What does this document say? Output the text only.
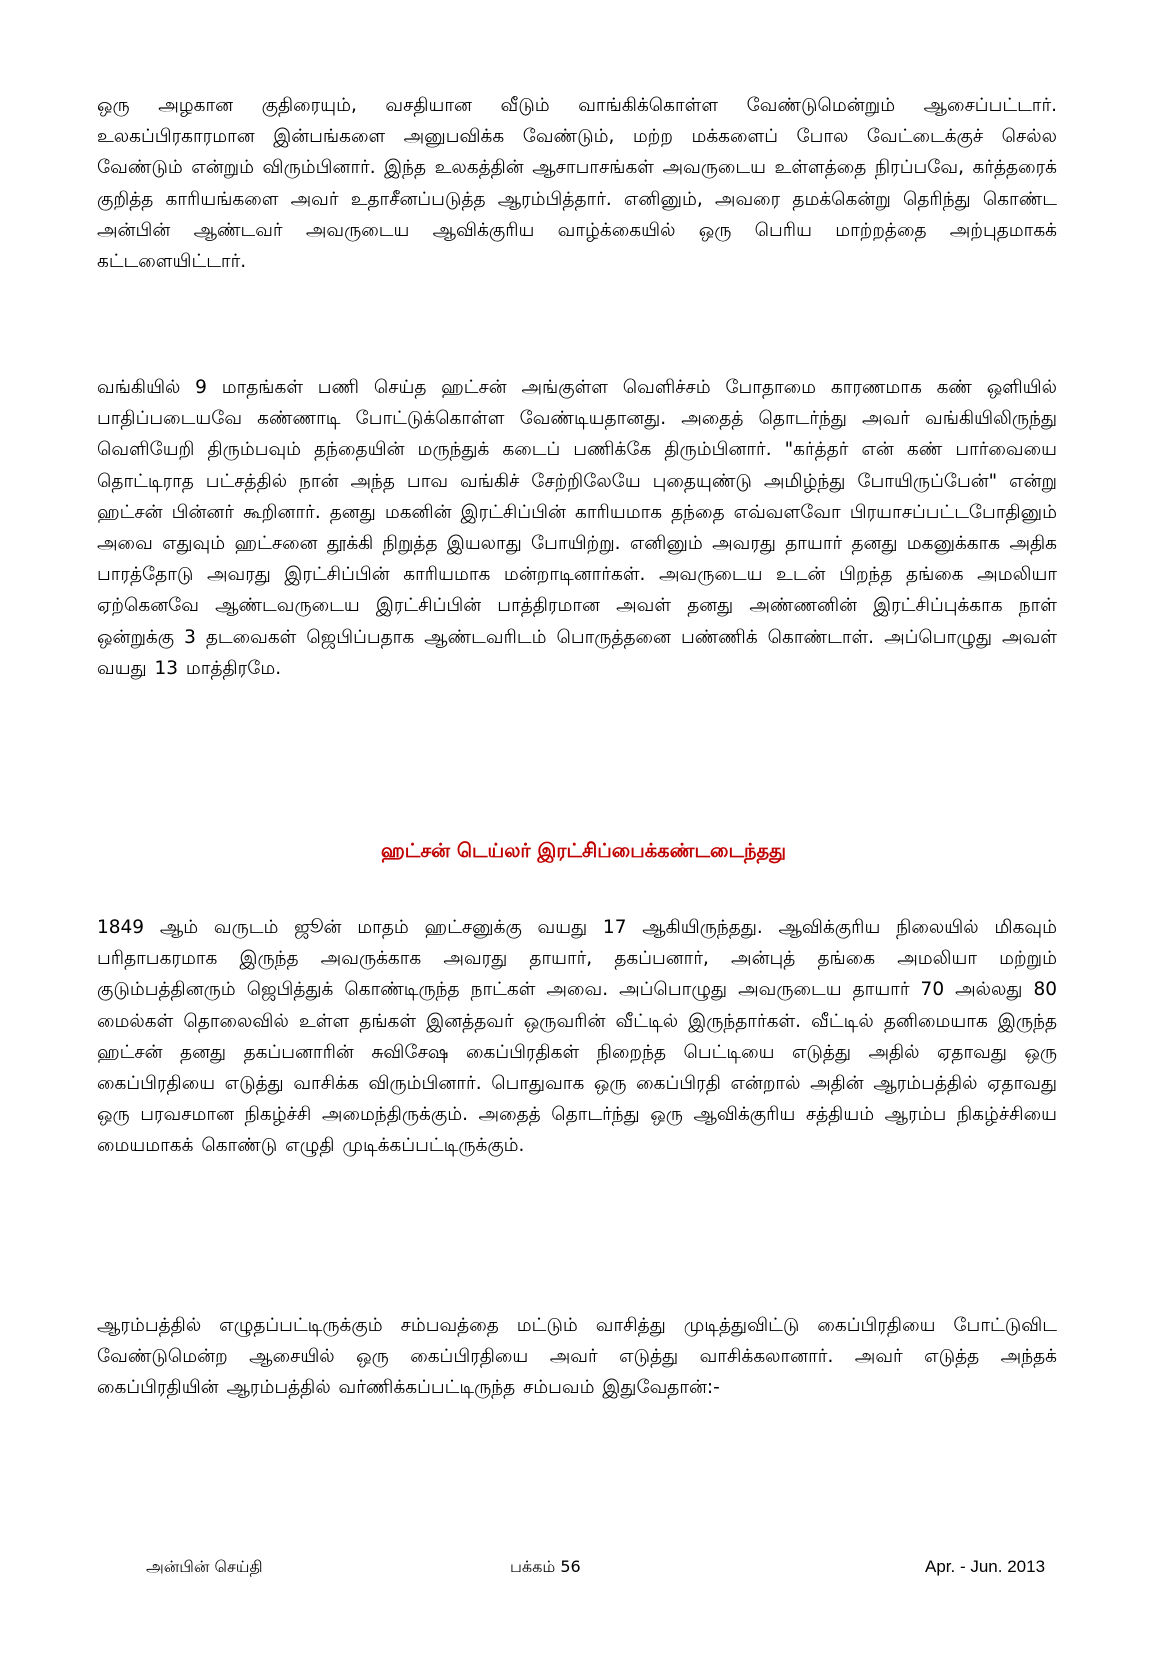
ஒரு அழகான குதிரையும், வசதியான வீடும் வாங்கிக்கொள்ள வேண்டுமென்றும் ஆசைப்பட்டார். உலகப்பிரகாரமான இன்பங்களை அனுபவிக்க வேண்டும், மற்ற மக்களைப் போல வேட்டைக்குச் செல்ல வேண்டும் என்றும் விரும்பினார். இந்த உலகத்தின் ஆசாபாசங்கள் அவருடைய உள்ளத்தை நிரப்பவே, கர்த்தரைக் குறித்த காரியங்களை அவர் உதாசீனப்படுத்த ஆரம்பித்தார். எனினும், அவரை தமக்கென்று தெரிந்து கொண்ட அன்பின் ஆண்டவர் அவருடைய ஆவிக்குரிய வாழ்க்கையில் ஒரு பெரிய மாற்றத்தை அற்புதமாகக் கட்டளையிட்டார்.

வங்கியில் 9 மாதங்கள் பணி செய்த ஹட்சன் அங்குள்ள வெளிச்சம் போதாமை காரணமாக கண் ஒளியில் பாதிப்படையவே கண்ணாடி போட்டுக்கொள்ள வேண்டியதானது. அதைத் தொடர்ந்து அவர் வங்கியிலிருந்து வெளியேறி திரும்பவும் தந்தையின் மருந்துக் கடைப் பணிக்கே திரும்பினார். "கர்த்தர் என் கண் பார்வையை தொட்டிராத பட்சத்தில் நான் அந்த பாவ வங்கிச் சேற்றிலேயே புதையுண்டு அமிழ்ந்து போயிருப்பேன்" என்று ஹட்சன் பின்னர் கூறினார். தனது மகனின் இரட்சிப்பின் காரியமாக தந்தை எவ்வளவோ பிரயாசப்பட்டபோதினும் அவை எதுவும் ஹட்சனை தூக்கி நிறுத்த இயலாது போயிற்று. எனினும் அவரது தாயார் தனது மகனுக்காக அதிக பாரத்தோடு அவரது இரட்சிப்பின் காரியமாக மன்றாடினார்கள். அவருடைய உடன் பிறந்த தங்கை அமலியா ஏற்கெனவே ஆண்டவருடைய இரட்சிப்பின் பாத்திரமான அவள் தனது அண்ணனின் இரட்சிப்புக்காக நாள் ஒன்றுக்கு 3 தடவைகள் ஜெபிப்பதாக ஆண்டவரிடம் பொருத்தனை பண்ணிக் கொண்டாள். அப்பொழுது அவள் வயது 13 மாத்திரமே.

ஹட்சன் டெய்லர் இரட்சிப்பைக்கண்டடைந்தது

1849 ஆம் வருடம் ஜூன் மாதம் ஹட்சனுக்கு வயது 17 ஆகியிருந்தது. ஆவிக்குரிய நிலையில் மிகவும் பரிதாபகரமாக இருந்த அவருக்காக அவரது தாயார், தகப்பனார், அன்புத் தங்கை அமலியா மற்றும் குடும்பத்தினரும் ஜெபித்துக் கொண்டிருந்த நாட்கள் அவை. அப்பொழுது அவருடைய தாயார் 70 அல்லது 80 மைல்கள் தொலைவில் உள்ள தங்கள் இனத்தவர் ஒருவரின் வீட்டில் இருந்தார்கள். வீட்டில் தனிமையாக இருந்த ஹட்சன் தனது தகப்பனாரின் சுவிசேஷ கைப்பிரதிகள் நிறைந்த பெட்டியை எடுத்து அதில் ஏதாவது ஒரு கைப்பிரதியை எடுத்து வாசிக்க விரும்பினார். பொதுவாக ஒரு கைப்பிரதி என்றால் அதின் ஆரம்பத்தில் ஏதாவது ஒரு பரவசமான நிகழ்ச்சி அமைந்திருக்கும். அதைத் தொடர்ந்து ஒரு ஆவிக்குரிய சத்தியம் ஆரம்ப நிகழ்ச்சியை மையமாகக் கொண்டு எழுதி முடிக்கப்பட்டிருக்கும்.

ஆரம்பத்தில் எழுதப்பட்டிருக்கும் சம்பவத்தை மட்டும் வாசித்து முடித்துவிட்டு கைப்பிரதியை போட்டுவிட வேண்டுமென்ற ஆசையில் ஒரு கைப்பிரதியை அவர் எடுத்து வாசிக்கலானார். அவர் எடுத்த அந்தக் கைப்பிரதியின் ஆரம்பத்தில் வர்ணிக்கப்பட்டிருந்த சம்பவம் இதுவேதான்:-

அன்பின் செய்தி	பக்கம் 56	Apr. - Jun. 2013
